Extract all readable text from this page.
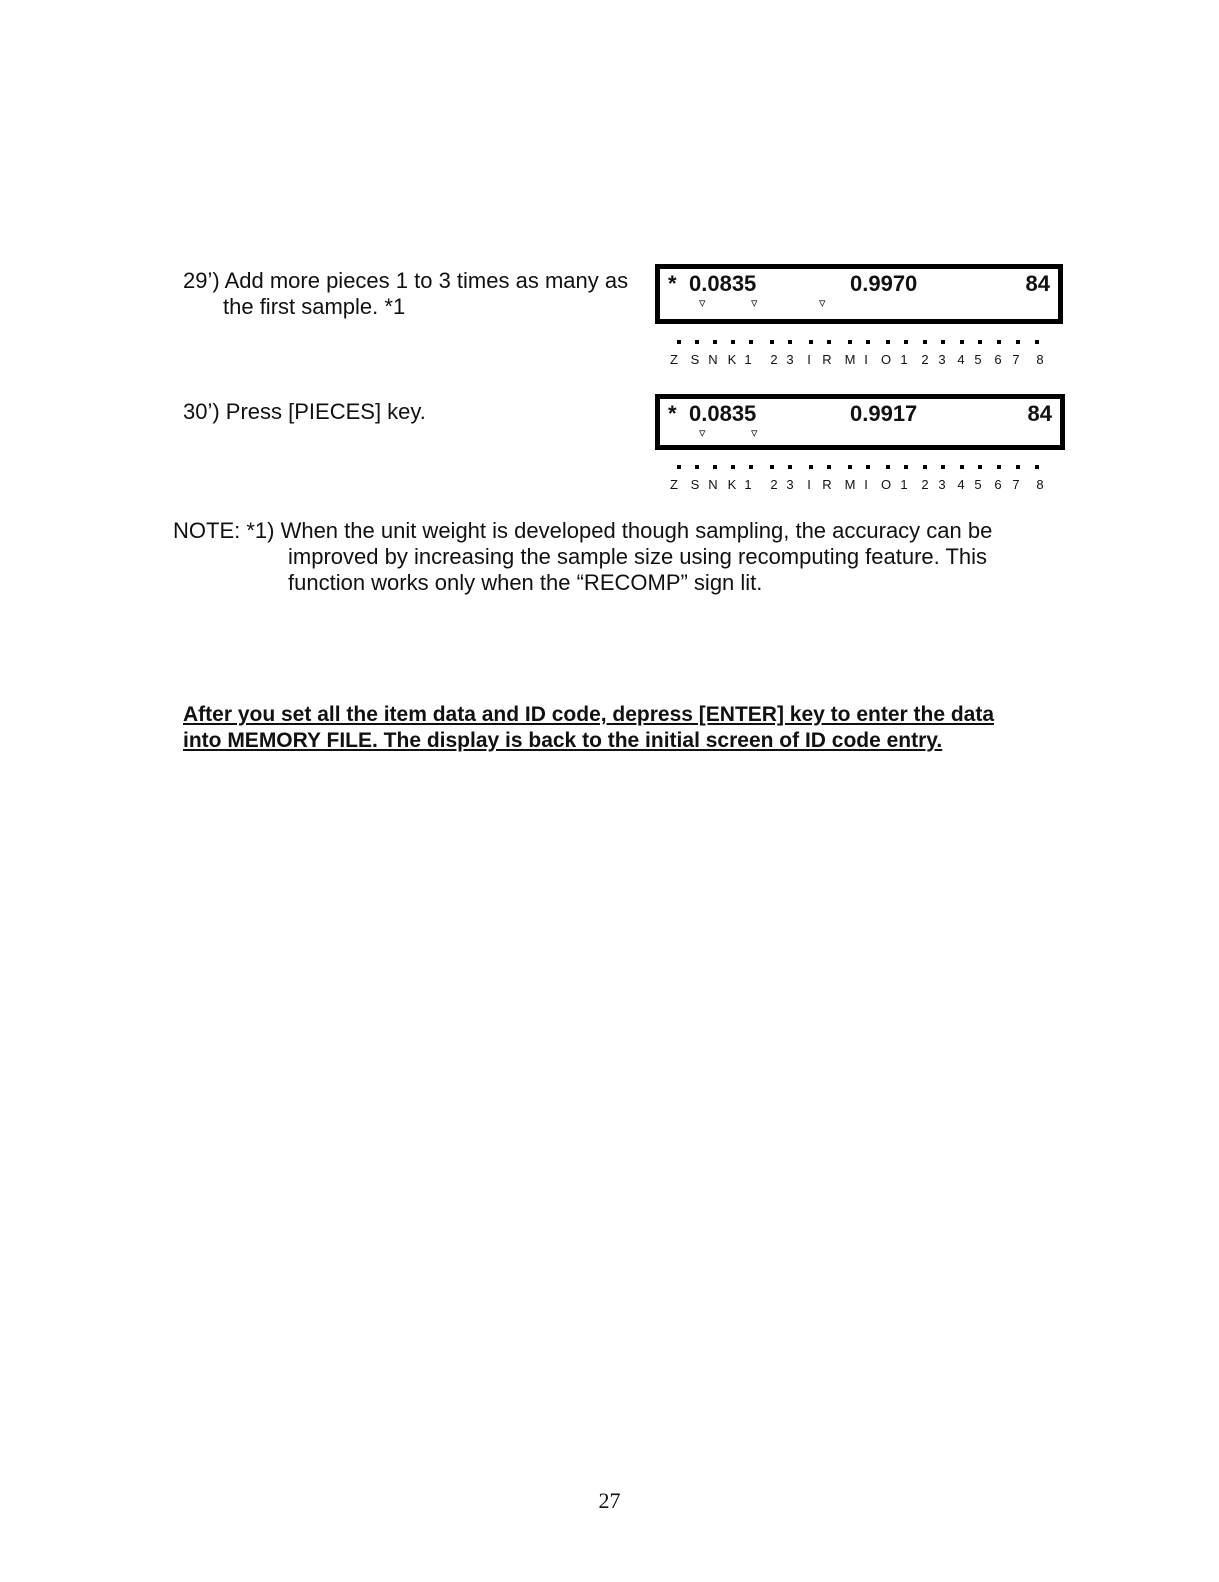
29’) Add more pieces 1 to 3 times as many as
the first sample. *1
* 0.0835	0.9970	84
▿	▿	▿
Z S N K 1	2 3	I R M I	O 1	2 3 4 5 6 7	8
30’) Press [PIECES] key.	* 0.0835	0.9917	84
▿	▿
Z S N K 1	2 3	I R M I	O 1	2 3 4 5 6 7	8
NOTE: *1) When the unit weight is developed though sampling, the accuracy can be
improved by increasing the sample size using recomputing feature. This
function works only when the “RECOMP” sign lit.
After you set all the item data and ID code, depress [ENTER] key to enter the data
into MEMORY FILE. The display is back to the initial screen of ID code entry.
27
